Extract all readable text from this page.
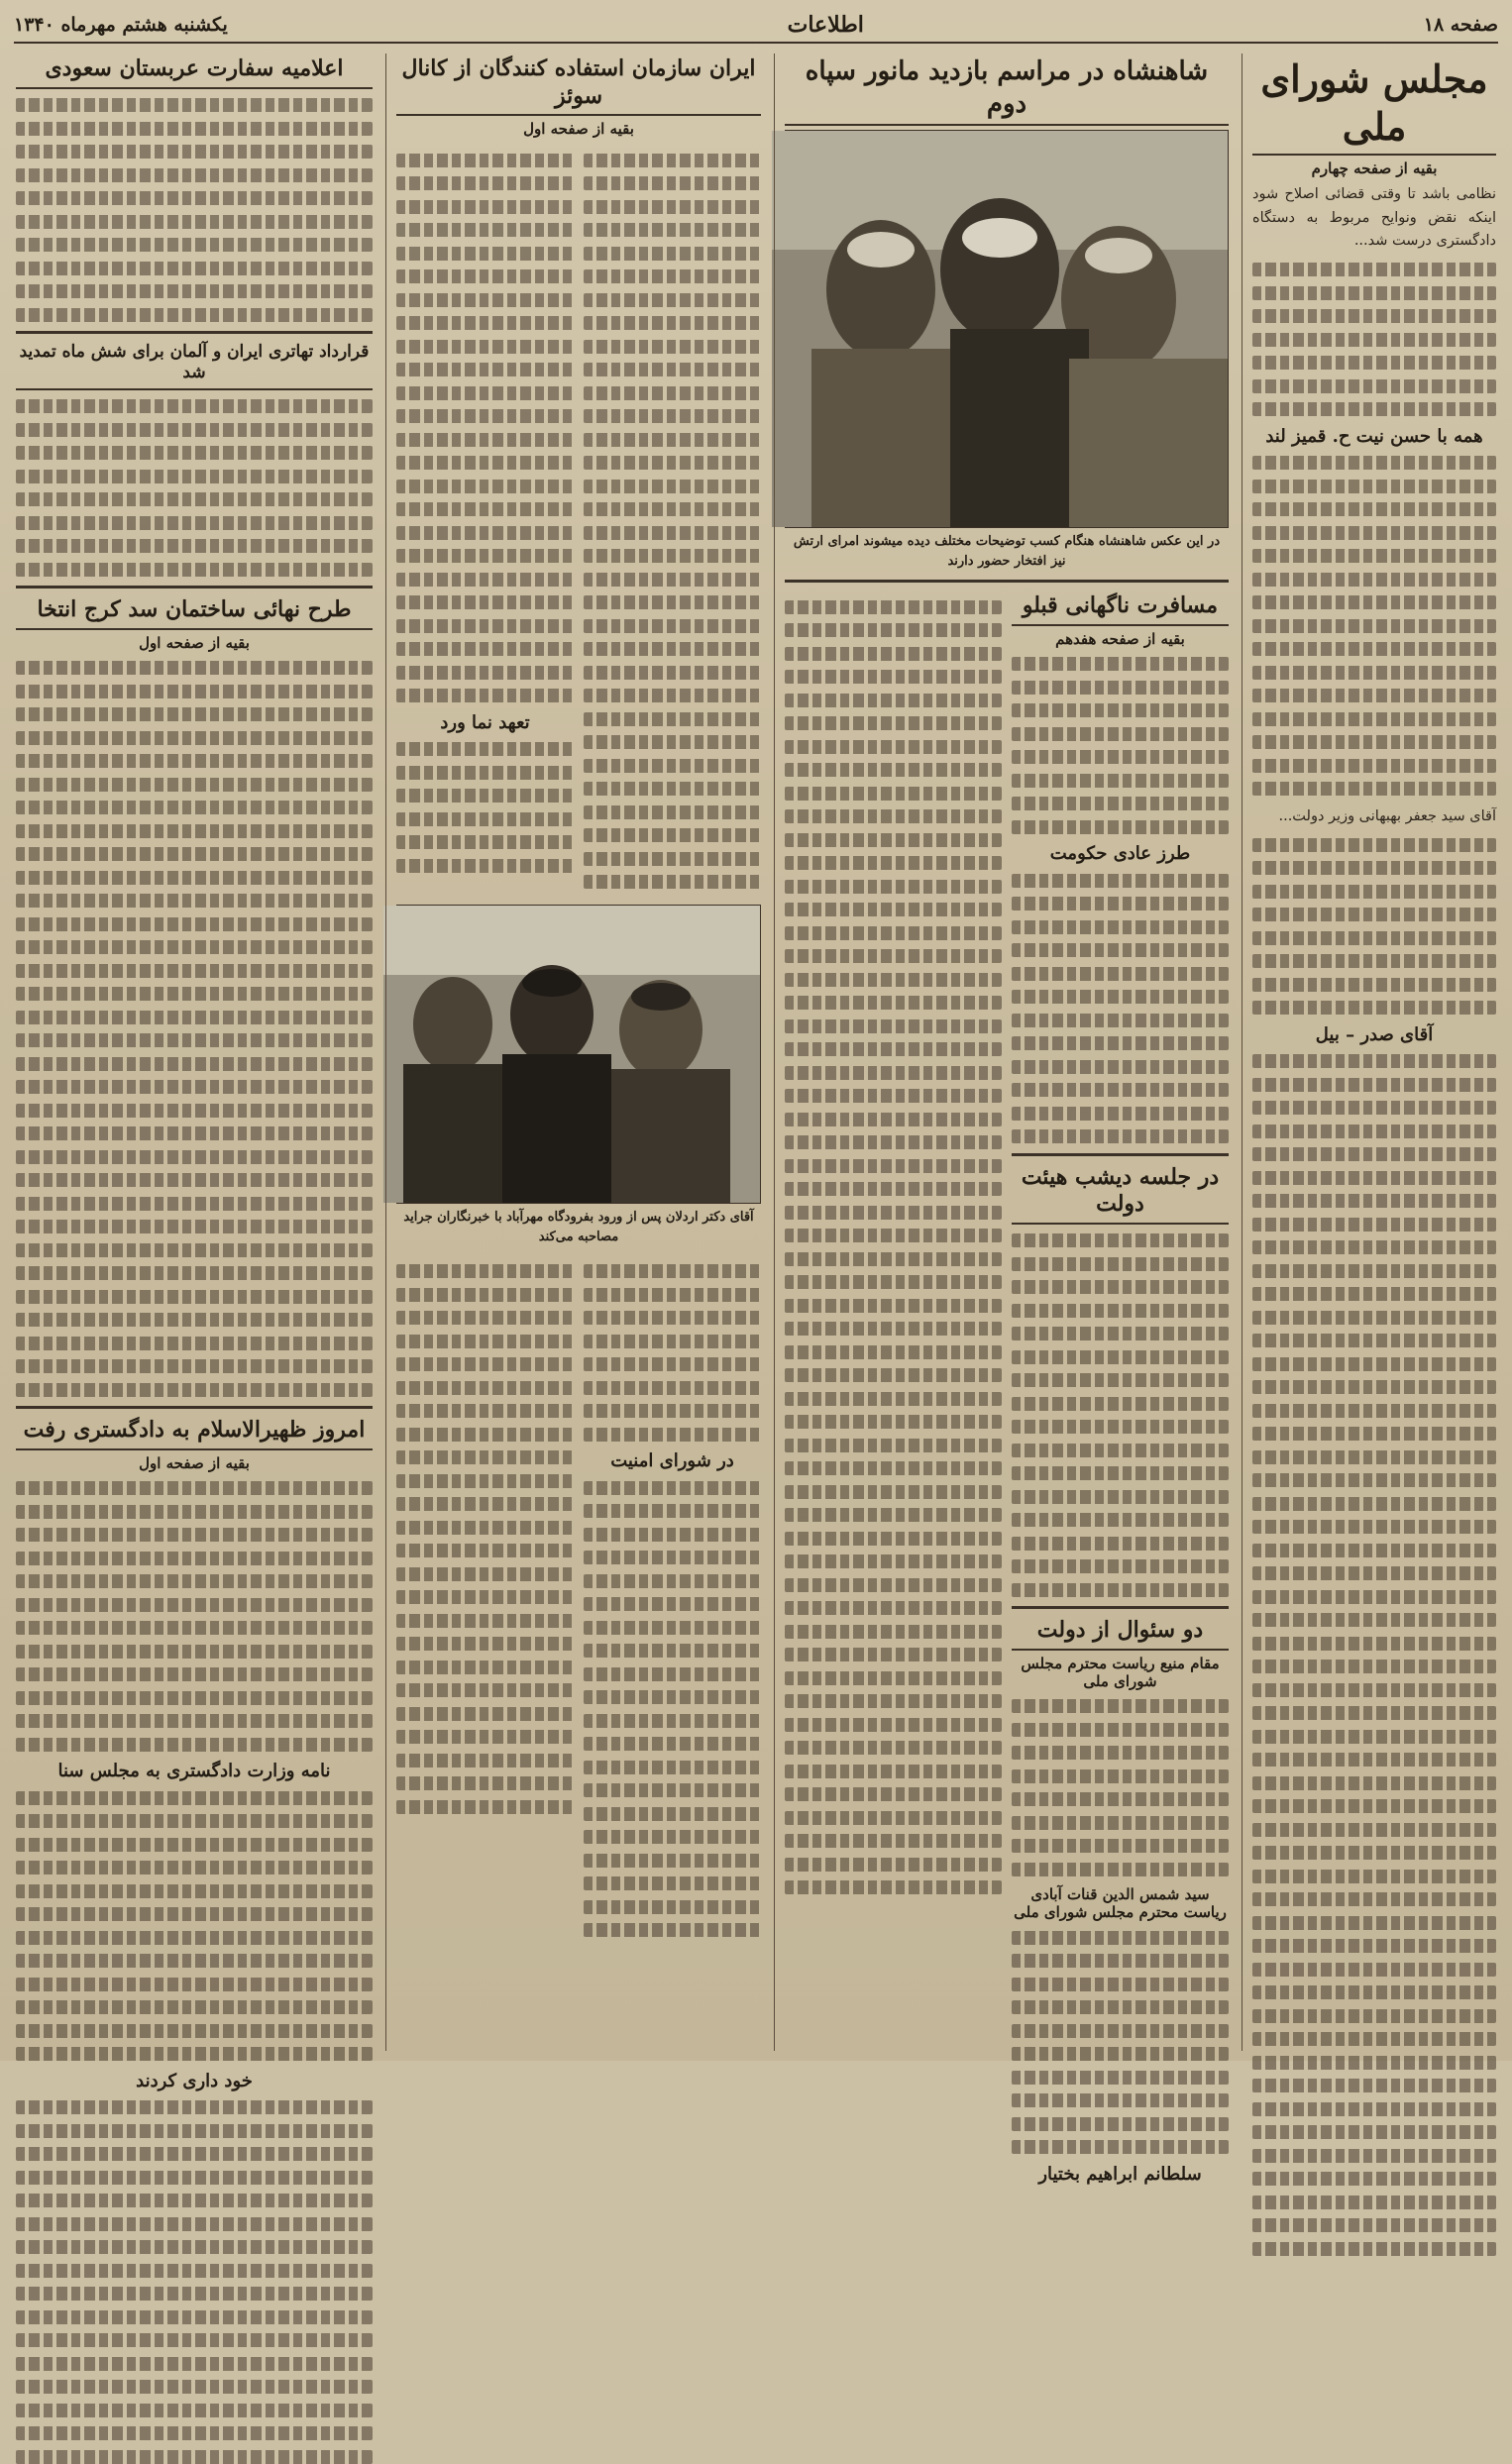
صفحه ۱۸
اطلاعات
یکشنبه هشتم مهرماه ۱۳۴۰
مجلس شورای ملی
بقیه از صفحه چهارم

نظامی باشد تا وقتی قضائی اصلاح شود اینکه نقض ونوایح مربوط به دستگاه دادگستری درست شد...

همه با حسن نیت ح. قمیز لند

آقای سید جعفر بهبهانی وزیر دولت...

آقای صدر – بیل
شاهنشاه در مراسم بازدید مانور سپاه دوم
در این عکس شاهنشاه هنگام کسب توضیحات مختلف دیده میشوند امرای ارتش نیز افتخار حضور دارند
مسافرت ناگهانی قبلو
بقیه از صفحه هفدهم
طرز عادی حکومت
در جلسه دیشب هیئت دولت
دو سئوال از دولت
مقام منیع ریاست محترم مجلس شورای ملی
سید شمس الدین قنات آبادی ریاست محترم مجلس شورای ملی
سلطانم ابراهیم بختیار
ایران سازمان استفاده کنندگان از کانال سوئز
بقیه از صفحه اول
تعهد نما ورد
آقای دکتر اردلان پس از ورود بفرودگاه مهرآباد با خبرنگاران جراید مصاحبه می‌کند
در شورای امنیت
اعلامیه سفارت عربستان سعودی
قرارداد تهاتری ایران و آلمان برای شش ماه تمدید شد
طرح نهائی ساختمان سد کرج انتخا
بقیه از صفحه اول
امروز ظهیرالاسلام به دادگستری رفت
بقیه از صفحه اول
نامه وزارت دادگستری به مجلس سنا
خود داری کردند
